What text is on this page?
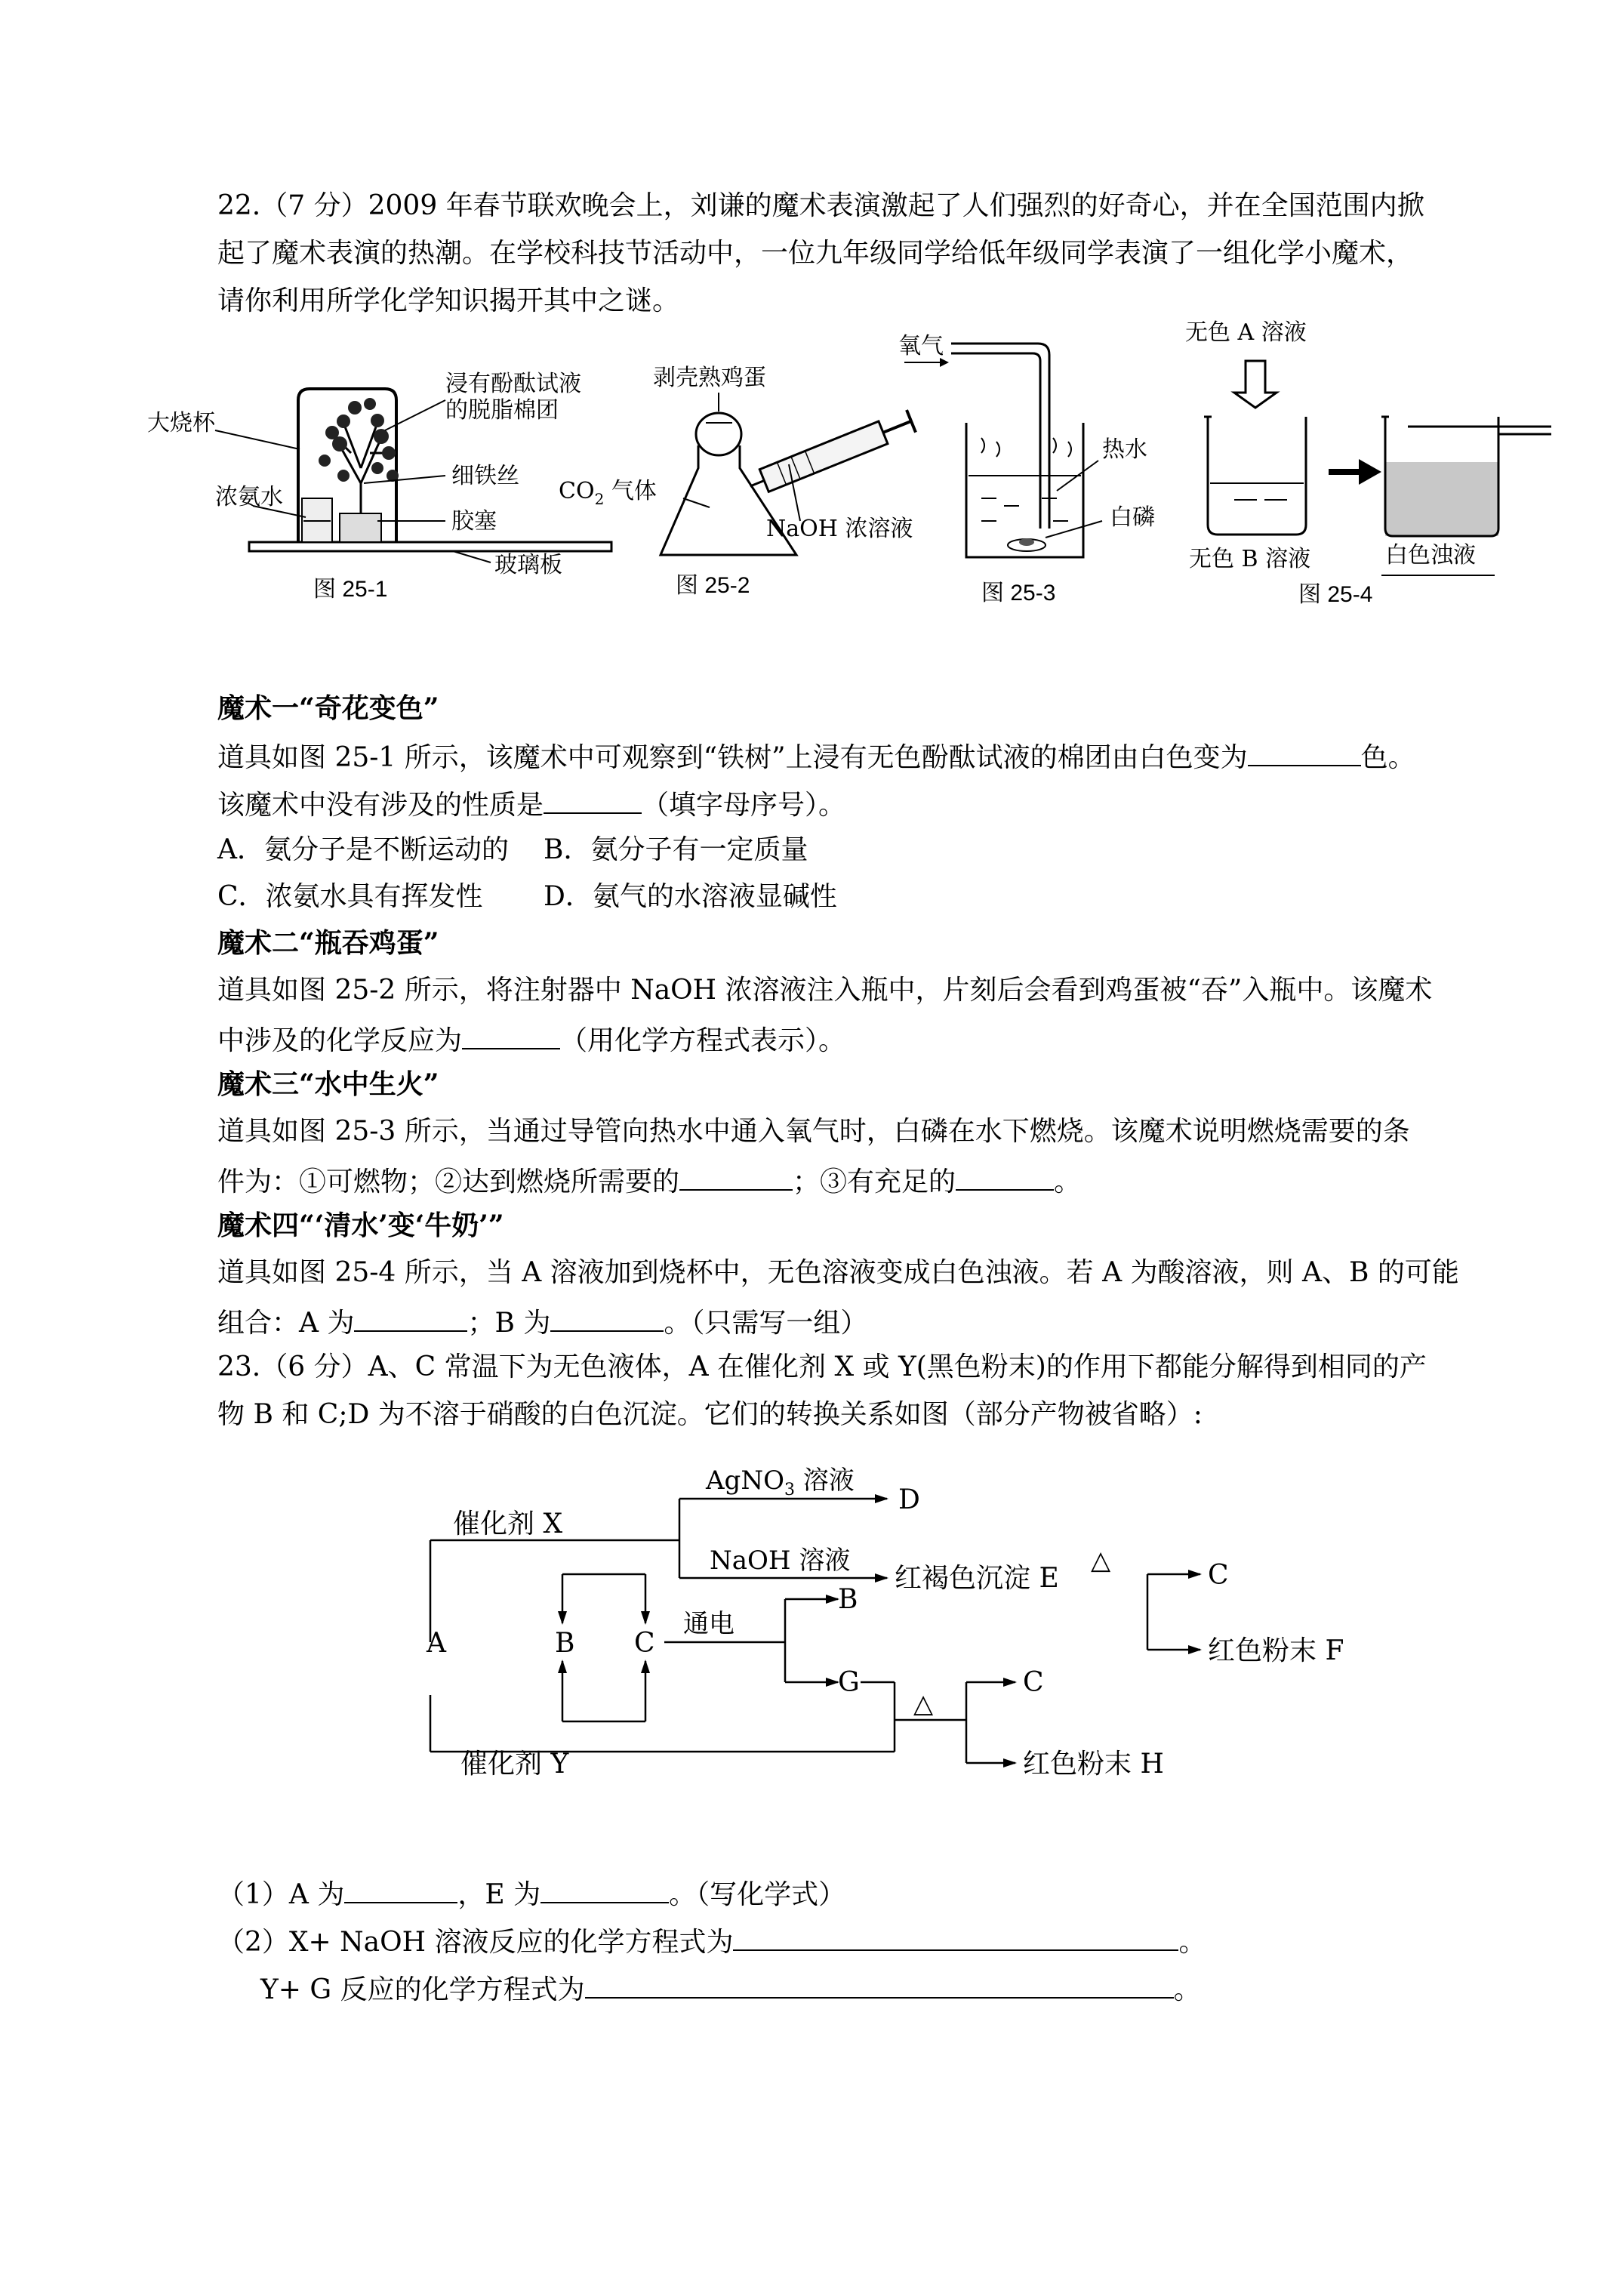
22.（7 分）2009 年春节联欢晚会上，刘谦的魔术表演激起了人们强烈的好奇心，并在全国范围内掀
起了魔术表演的热潮。在学校科技节活动中，一位九年级同学给低年级同学表演了一组化学小魔术，
请你利用所学化学知识揭开其中之谜。
大烧杯
浸有酚酞试液
的脱脂棉团
细铁丝
浓氨水
胶塞
玻璃板
图 25-1
剥壳熟鸡蛋
$CO_2$ 气体
NaOH 浓溶液
图 25-2
氧气
热水
白磷
图 25-3
无色 A 溶液
无色 B 溶液	白色浊液
图 25-4
魔术一“奇花变色”
道具如图 25-1 所示，该魔术中可观察到“铁树”上浸有无色酚酞试液的棉团由白色变为	色。
该魔术中没有涉及的性质是	（填字母序号）。
A．氨分子是不断运动的 B．氨分子有一定质量
C．浓氨水具有挥发性 D．氨气的水溶液显碱性
魔术二“瓶吞鸡蛋”
道具如图 25-2 所示，将注射器中 NaOH 浓溶液注入瓶中，片刻后会看到鸡蛋被“吞”入瓶中。该魔术
中涉及的化学反应为	（用化学方程式表示）。
魔术三“水中生火”
道具如图 25-3 所示，当通过导管向热水中通入氧气时，白磷在水下燃烧。该魔术说明燃烧需要的条
件为：①可燃物；②达到燃烧所需要的	；③有充足的	。
魔术四“‘清水’变‘牛奶’”
道具如图 25-4 所示，当 A 溶液加到烧杯中，无色溶液变成白色浊液。若 A 为酸溶液，则 A、B 的可能
组合：A 为	；B 为	。（只需写一组）
23.（6 分）A、C 常温下为无色液体，A 在催化剂 X 或 Y(黑色粉末)的作用下都能分解得到相同的产
物 B 和 C;D 为不溶于硝酸的白色沉淀。它们的转换关系如图（部分产物被省略）:
AgNO$_3$ 溶液
D
催化剂 X
NaOH 溶液
红褐色沉淀 E
△	C
红色粉末 F
A	B C
通电
B
G
△
C
红色粉末 H
催化剂 Y
（1）A 为	，E 为	。（写化学式）
（2）X+ NaOH 溶液反应的化学方程式为	。
Y+ G 反应的化学方程式为	。
